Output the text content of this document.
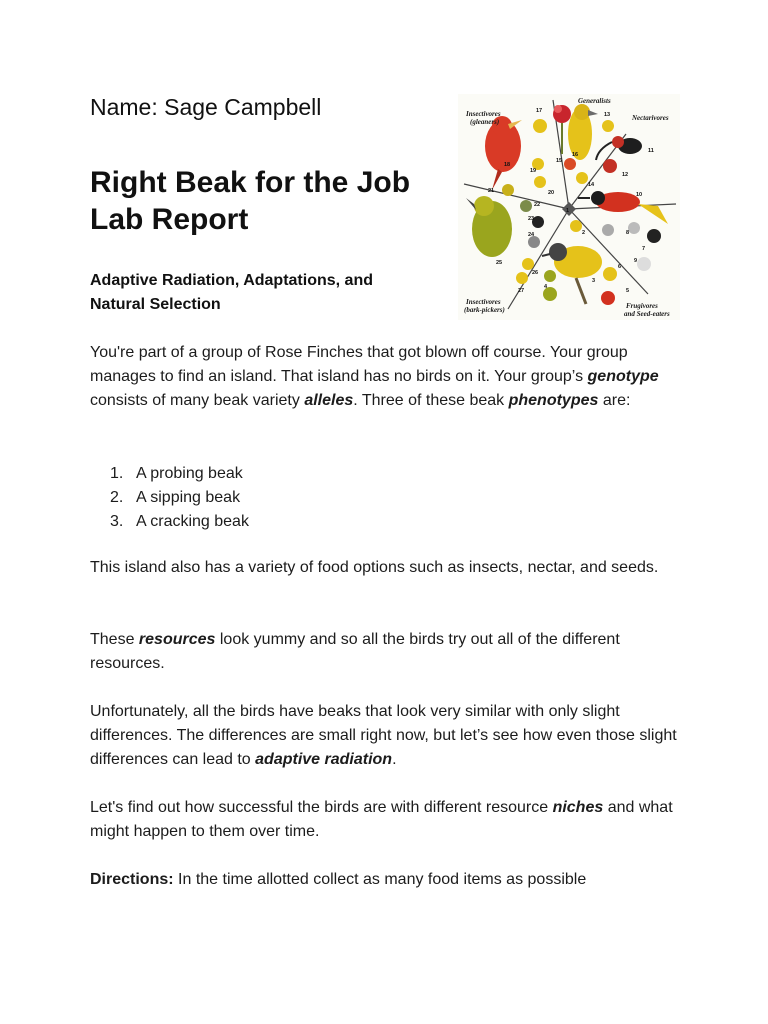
Name: Sage Campbell
Right Beak for the Job
Lab Report
Adaptive Radiation, Adaptations, and
Natural Selection
Insectivores
(gleaners)
Generalists
Nectarivores
Insectivores
(bark-pickers)	Frugivores
and Seed-eaters
17
13
11
16
15
18
19
12
21	20
14
10
22
1
23
24	2	8
7
9
25
26
6
3
4
27	5

You're part of a group of Rose Finches that got blown off course. Your group manages to find an island. That island has no birds on it. Your group’s genotype consists of many beak variety alleles. Three of these beak phenotypes are:

1. A probing beak
2. A sipping beak
3. A cracking beak

This island also has a variety of food options such as insects, nectar, and seeds.

These resources look yummy and so all the birds try out all of the different resources.

Unfortunately, all the birds have beaks that look very similar with only slight differences. The differences are small right now, but let’s see how even those slight differences can lead to adaptive radiation.

Let's find out how successful the birds are with different resource niches and what might happen to them over time.

Directions: In the time allotted collect as many food items as possible
